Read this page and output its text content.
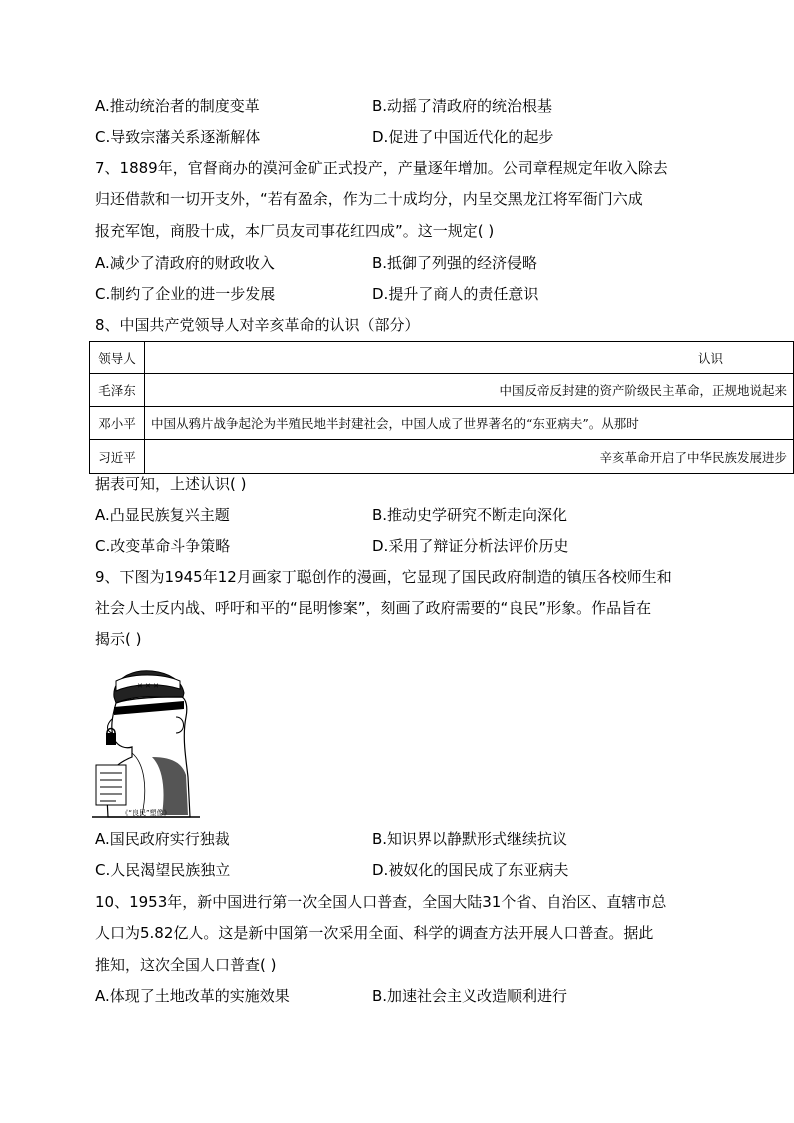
A.推动统治者的制度变革	B.动摇了清政府的统治根基
C.导致宗藩关系逐渐解体	D.促进了中国近代化的起步
7、1889年，官督商办的漠河金矿正式投产，产量逐年增加。公司章程规定年收入除去
归还借款和一切开支外，“若有盈余，作为二十成均分，内呈交黑龙江将军衙门六成
报充军饱，商股十成，本厂员友司事花红四成”。这一规定( )
A.减少了清政府的财政收入	B.抵御了列强的经济侵略
C.制约了企业的进一步发展	D.提升了商人的责任意识
8、中国共产党领导人对辛亥革命的认识（部分）
领导人	认识
毛泽东	中国反帝反封建的资产阶级民主革命，正规地说起来
邓小平	中国从鸦片战争起沦为半殖民地半封建社会，中国人成了世界著名的“东亚病夫”。从那时
习近平	辛亥革命开启了中华民族发展进步
据表可知，上述认识( )
A.凸显民族复兴主题	B.推动史学研究不断走向深化
C.改变革命斗争策略	D.采用了辩证分析法评价历史
9、下图为1945年12月画家丁聪创作的漫画，它显现了国民政府制造的镇压各校师生和
社会人士反内战、呼吁和平的“昆明惨案”，刻画了政府需要的“良民”形象。作品旨在
揭示( )
✕ ✕ ✕
《“良民”塑像》
A.国民政府实行独裁	B.知识界以静默形式继续抗议
C.人民渴望民族独立	D.被奴化的国民成了东亚病夫
10、1953年，新中国进行第一次全国人口普查，全国大陆31个省、自治区、直辖市总
人口为5.82亿人。这是新中国第一次采用全面、科学的调查方法开展人口普查。据此
推知，这次全国人口普查( )
A.体现了土地改革的实施效果	B.加速社会主义改造顺利进行
